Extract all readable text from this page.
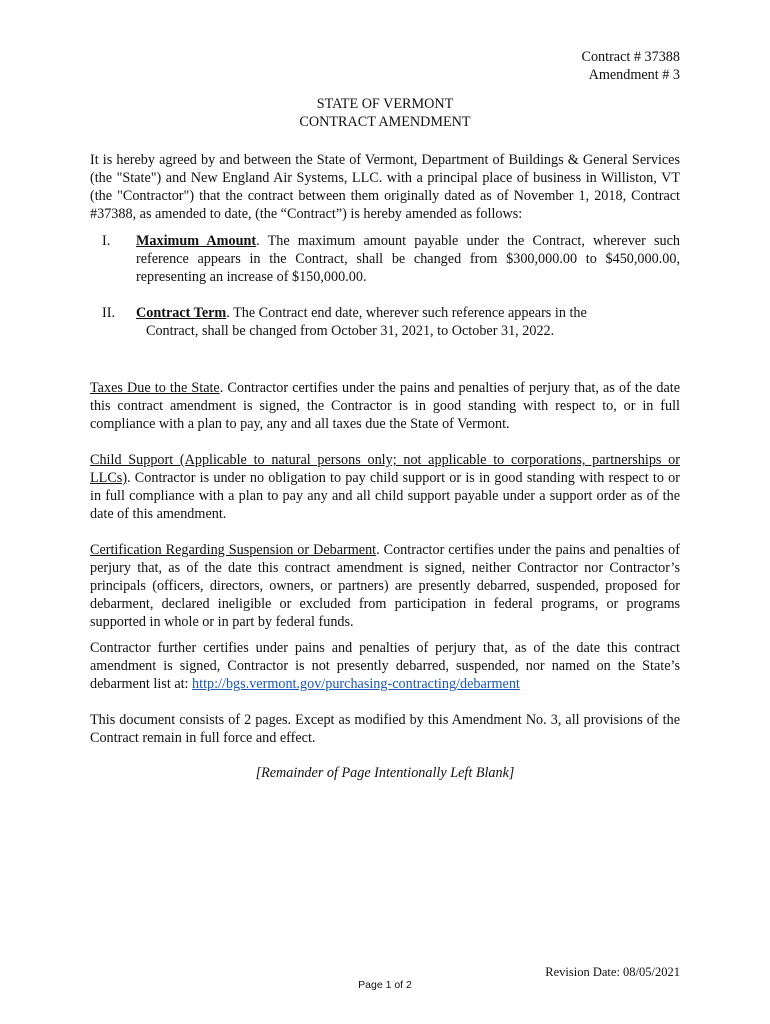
Contract # 37388
Amendment # 3
STATE OF VERMONT
CONTRACT AMENDMENT
It is hereby agreed by and between the State of Vermont, Department of Buildings & General Services (the "State") and New England Air Systems, LLC. with a principal place of business in Williston, VT (the "Contractor") that the contract between them originally dated as of November 1, 2018, Contract #37388, as amended to date, (the “Contract”) is hereby amended as follows:
I. Maximum Amount. The maximum amount payable under the Contract, wherever such reference appears in the Contract, shall be changed from $300,000.00 to $450,000.00, representing an increase of $150,000.00.
II. Contract Term. The Contract end date, wherever such reference appears in the
Contract, shall be changed from October 31, 2021, to October 31, 2022.
Taxes Due to the State. Contractor certifies under the pains and penalties of perjury that, as of the date this contract amendment is signed, the Contractor is in good standing with respect to, or in full compliance with a plan to pay, any and all taxes due the State of Vermont.
Child Support (Applicable to natural persons only; not applicable to corporations, partnerships or LLCs). Contractor is under no obligation to pay child support or is in good standing with respect to or in full compliance with a plan to pay any and all child support payable under a support order as of the date of this amendment.
Certification Regarding Suspension or Debarment. Contractor certifies under the pains and penalties of perjury that, as of the date this contract amendment is signed, neither Contractor nor Contractor’s principals (officers, directors, owners, or partners) are presently debarred, suspended, proposed for debarment, declared ineligible or excluded from participation in federal programs, or programs supported in whole or in part by federal funds.
Contractor further certifies under pains and penalties of perjury that, as of the date this contract amendment is signed, Contractor is not presently debarred, suspended, nor named on the State’s debarment list at: http://bgs.vermont.gov/purchasing-contracting/debarment
This document consists of 2 pages. Except as modified by this Amendment No. 3, all provisions of the Contract remain in full force and effect.
[Remainder of Page Intentionally Left Blank]
Revision Date: 08/05/2021
Page 1 of 2
